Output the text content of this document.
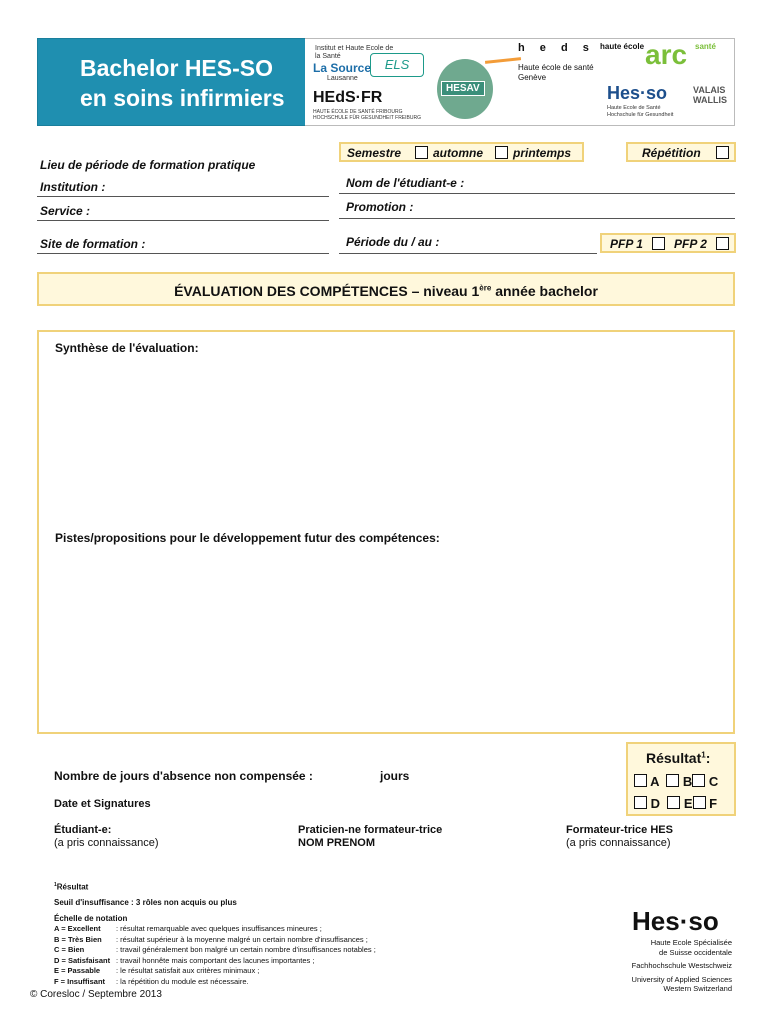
Bachelor HES-SO
en soins infirmiers
Institut et Haute Ecole de la Santé
La Source
Lausanne
ELS
HEdS·FR
HAUTE ÉCOLE DE SANTÉ FRIBOURG HOCHSCHULE FÜR GESUNDHEIT FREIBURG
HESAV
h e d s
Haute école de santé
Genève
haute école arc santé
Hes·so
Haute Ecole de Santé Hochschule für Gesundheit
VALAIS WALLIS
Semestre	automne printemps	Répétition
Lieu de période de formation pratique
Institution :	Nom de l'étudiant-e :
Service :	Promotion :
Site de formation :	Période du / au :	PFP 1	PFP 2
ÉVALUATION DES COMPÉTENCES – niveau 1ère année bachelor
Synthèse de l'évaluation:
Pistes/propositions pour le développement futur des compétences:
Résultat$^1$:
A B C
D E F
Nombre de jours d'absence non compensée :	jours
Date et Signatures
Étudiant-e:
(a pris connaissance)
Praticien-ne formateur-trice
NOM PRENOM
Formateur-trice HES
(a pris connaissance)
$^1$Résultat
Seuil d'insuffisance : 3 rôles non acquis ou plus
Échelle de notation
A = Excellent : résultat remarquable avec quelques insuffisances mineures ;
B = Très Bien : résultat supérieur à la moyenne malgré un certain nombre d'insuffisances ;
C = Bien	: travail généralement bon malgré un certain nombre d'insuffisances notables ;
D = Satisfaisant : travail honnête mais comportant des lacunes importantes ;
E = Passable : le résultat satisfait aux critères minimaux ;
F = Insuffisant : la répétition du module est nécessaire.
Hes·so
Haute Ecole Spécialisée
de Suisse occidentale
Fachhochschule Westschweiz
University of Applied Sciences
Western Switzerland
© Coresloc / Septembre 2013
